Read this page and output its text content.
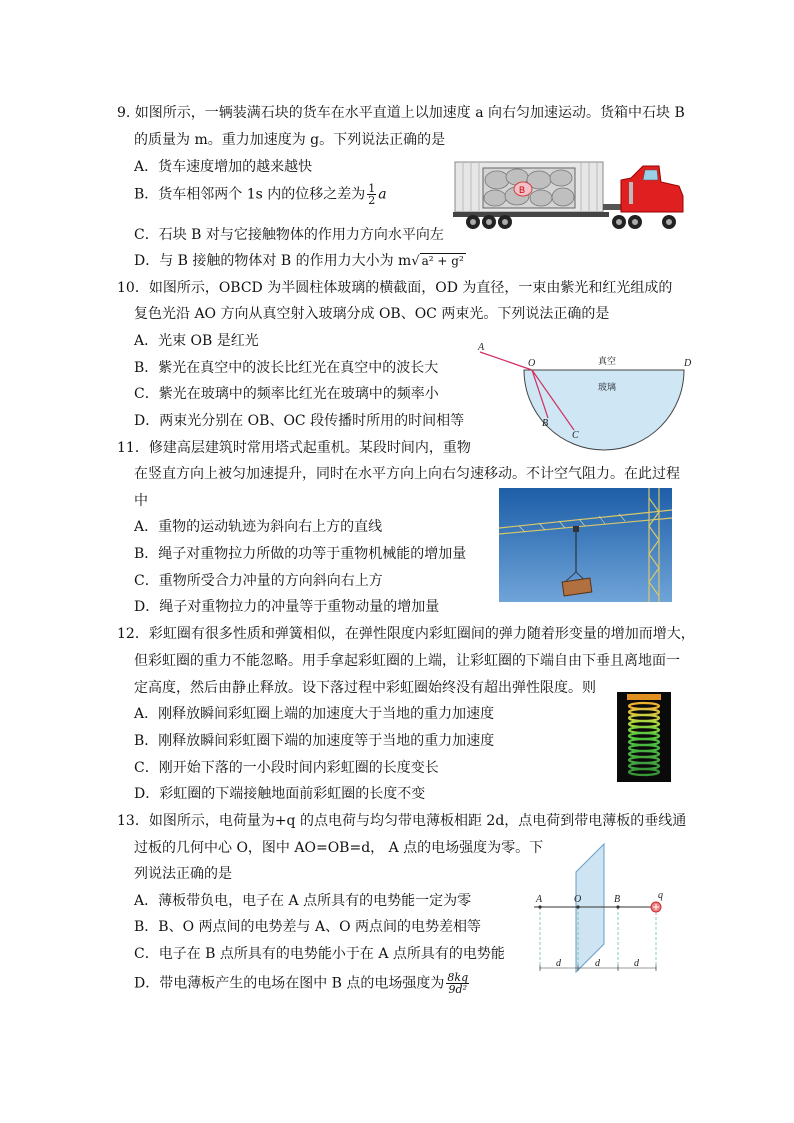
9. 如图所示，一辆装满石块的货车在水平直道上以加速度 a 向右匀加速运动。货箱中石块 B
的质量为 m。重力加速度为 g。下列说法正确的是
A．货车速度增加的越来越快
B．货车相邻两个 1s 内的位移之差为 $\frac{1}{2}$ a
C．石块 B 对与它接触物体的作用力方向水平向左
D．与 B 接触的物体对 B 的作用力大小为 m√ a² + g²
B
10．如图所示，OBCD 为半圆柱体玻璃的横截面，OD 为直径，一束由紫光和红光组成的
复色光沿 AO 方向从真空射入玻璃分成 OB、OC 两束光。下列说法正确的是
A．光束 OB 是红光
B．紫光在真空中的波长比红光在真空中的波长大
C．紫光在玻璃中的频率比红光在玻璃中的频率小
D．两束光分别在 OB、OC 段传播时所用的时间相等
A
O	D
B
C
真空
玻璃
11．修建高层建筑时常用塔式起重机。某段时间内，重物
在竖直方向上被匀加速提升，同时在水平方向上向右匀速移动。不计空气阻力。在此过程
中
A．重物的运动轨迹为斜向右上方的直线
B．绳子对重物拉力所做的功等于重物机械能的增加量
C．重物所受合力冲量的方向斜向右上方
D．绳子对重物拉力的冲量等于重物动量的增加量
12．彩虹圈有很多性质和弹簧相似，在弹性限度内彩虹圈间的弹力随着形变量的增加而增大，
但彩虹圈的重力不能忽略。用手拿起彩虹圈的上端，让彩虹圈的下端自由下垂且离地面一
定高度，然后由静止释放。设下落过程中彩虹圈始终没有超出弹性限度。则
A．刚释放瞬间彩虹圈上端的加速度大于当地的重力加速度
B．刚释放瞬间彩虹圈下端的加速度等于当地的重力加速度
C．刚开始下落的一小段时间内彩虹圈的长度变长
D．彩虹圈的下端接触地面前彩虹圈的长度不变
13．如图所示，电荷量为+q 的点电荷与均匀带电薄板相距 2d，点电荷到带电薄板的垂线通
过板的几何中心 O，图中 AO=OB=d， A 点的电场强度为零。下
列说法正确的是
A．薄板带负电，电子在 A 点所具有的电势能一定为零
B．B、O 两点间的电势差与 A、O 两点间的电势差相等
C．电子在 B 点所具有的电势能小于在 A 点所具有的电势能
D．带电薄板产生的电场在图中 B 点的电场强度为 $\frac{8kq}{\text{9d²}}$
A	O	B	q
d	d	d
